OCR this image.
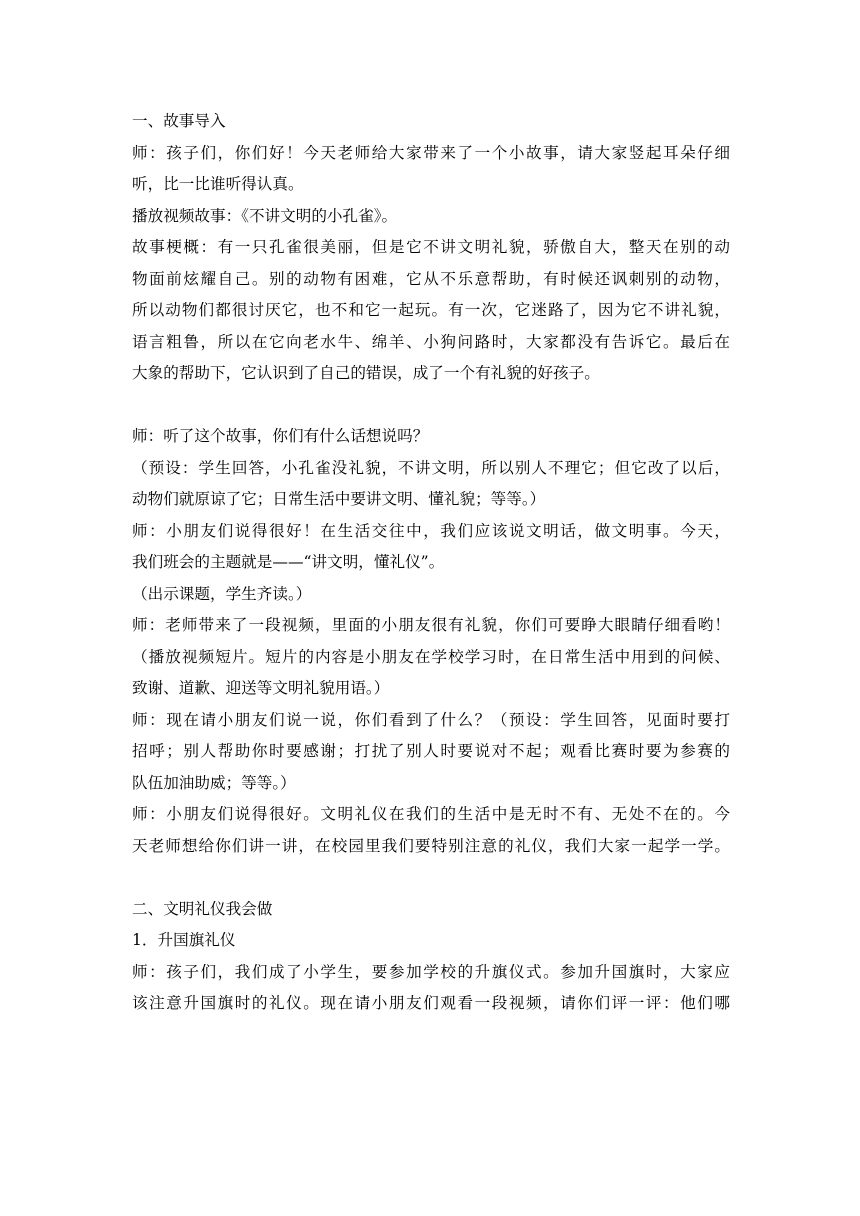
一、故事导入
师：孩子们，你们好！今天老师给大家带来了一个小故事，请大家竖起耳朵仔细
听，比一比谁听得认真。
播放视频故事：《不讲文明的小孔雀》。
故事梗概：有一只孔雀很美丽，但是它不讲文明礼貌，骄傲自大，整天在别的动
物面前炫耀自己。别的动物有困难，它从不乐意帮助，有时候还讽刺别的动物，
所以动物们都很讨厌它，也不和它一起玩。有一次，它迷路了，因为它不讲礼貌，
语言粗鲁，所以在它向老水牛、绵羊、小狗问路时，大家都没有告诉它。最后在
大象的帮助下，它认识到了自己的错误，成了一个有礼貌的好孩子。
师：听了这个故事，你们有什么话想说吗？
（预设：学生回答，小孔雀没礼貌，不讲文明，所以别人不理它；但它改了以后，
动物们就原谅了它；日常生活中要讲文明、懂礼貌；等等。）
师：小朋友们说得很好！在生活交往中，我们应该说文明话，做文明事。今天，
我们班会的主题就是——“讲文明，懂礼仪”。
（出示课题，学生齐读。）
师：老师带来了一段视频，里面的小朋友很有礼貌，你们可要睁大眼睛仔细看哟！
（播放视频短片。短片的内容是小朋友在学校学习时，在日常生活中用到的问候、
致谢、道歉、迎送等文明礼貌用语。）
师：现在请小朋友们说一说，你们看到了什么？（预设：学生回答，见面时要打
招呼；别人帮助你时要感谢；打扰了别人时要说对不起；观看比赛时要为参赛的
队伍加油助威；等等。）
师：小朋友们说得很好。文明礼仪在我们的生活中是无时不有、无处不在的。今
天老师想给你们讲一讲，在校园里我们要特别注意的礼仪，我们大家一起学一学。
二、文明礼仪我会做
1．升国旗礼仪
师：孩子们，我们成了小学生，要参加学校的升旗仪式。参加升国旗时，大家应
该注意升国旗时的礼仪。现在请小朋友们观看一段视频，请你们评一评：他们哪
